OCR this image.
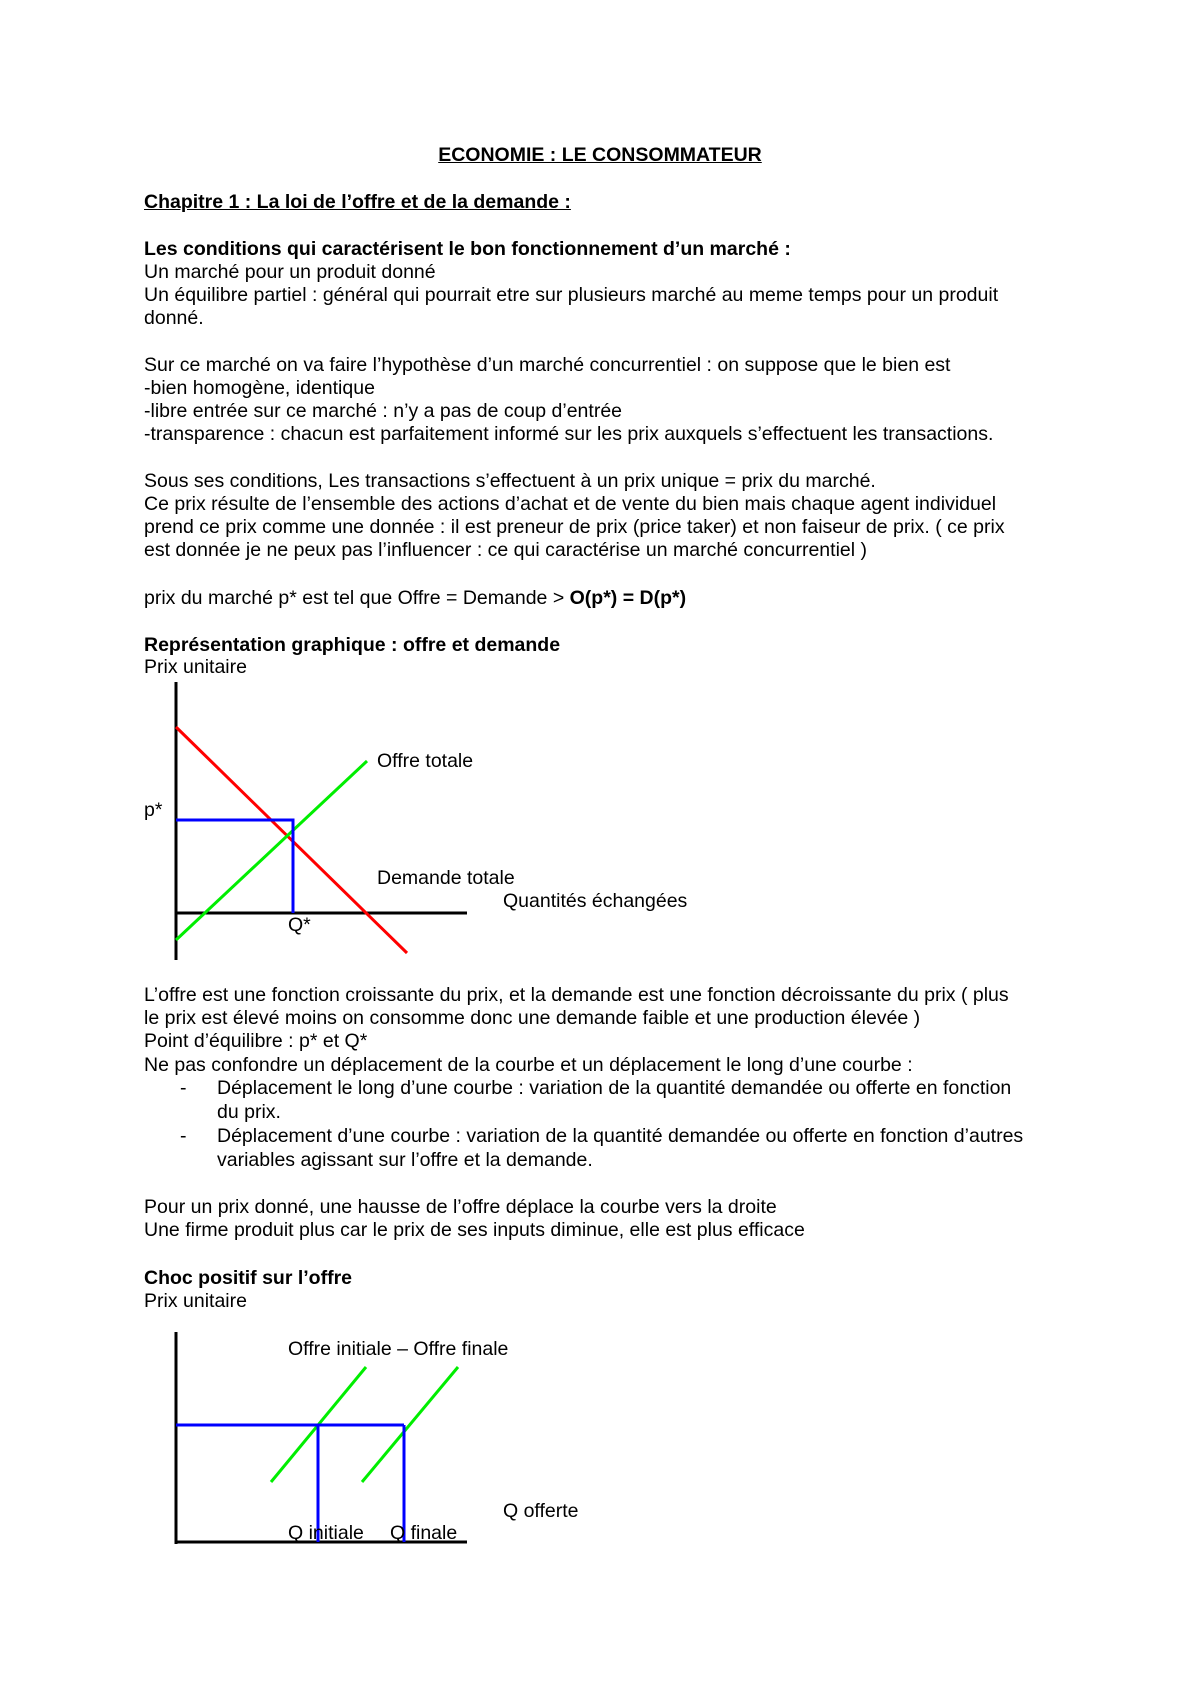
ECONOMIE : LE CONSOMMATEUR
Chapitre 1 : La loi de l’offre et de la demande :
Les conditions qui caractérisent le bon fonctionnement d’un marché :
Un marché pour un produit donné
Un équilibre partiel : général qui pourrait etre sur plusieurs marché au meme temps pour un produit
donné.
Sur ce marché on va faire l’hypothèse d’un marché concurrentiel : on suppose que le bien est
-bien homogène, identique
-libre entrée sur ce marché : n’y a pas de coup d’entrée
-transparence : chacun est parfaitement informé sur les prix auxquels s’effectuent les transactions.
Sous ses conditions, Les transactions s’effectuent à un prix unique = prix du marché.
Ce prix résulte de l’ensemble des actions d’achat et de vente du bien mais chaque agent individuel
prend ce prix comme une donnée : il est preneur de prix (price taker) et non faiseur de prix. ( ce prix
est donnée je ne peux pas l’influencer : ce qui caractérise un marché concurrentiel )
prix du marché p* est tel que Offre = Demande > O(p*) = D(p*)
Représentation graphique : offre et demande
Prix unitaire
Offre totale
p*
Demande totale
Quantités échangées
Q*
L’offre est une fonction croissante du prix, et la demande est une fonction décroissante du prix ( plus
le prix est élevé moins on consomme donc une demande faible et une production élevée )
Point d’équilibre : p* et Q*
Ne pas confondre un déplacement de la courbe et un déplacement le long d’une courbe :
- Déplacement le long d’une courbe : variation de la quantité demandée ou offerte en fonction
du prix.
- Déplacement d’une courbe : variation de la quantité demandée ou offerte en fonction d’autres
variables agissant sur l’offre et la demande.
Pour un prix donné, une hausse de l’offre déplace la courbe vers la droite
Une firme produit plus car le prix de ses inputs diminue, elle est plus efficace
Choc positif sur l’offre
Prix unitaire
Offre initiale – Offre finale
Q offerte
Q initiale Q finale
